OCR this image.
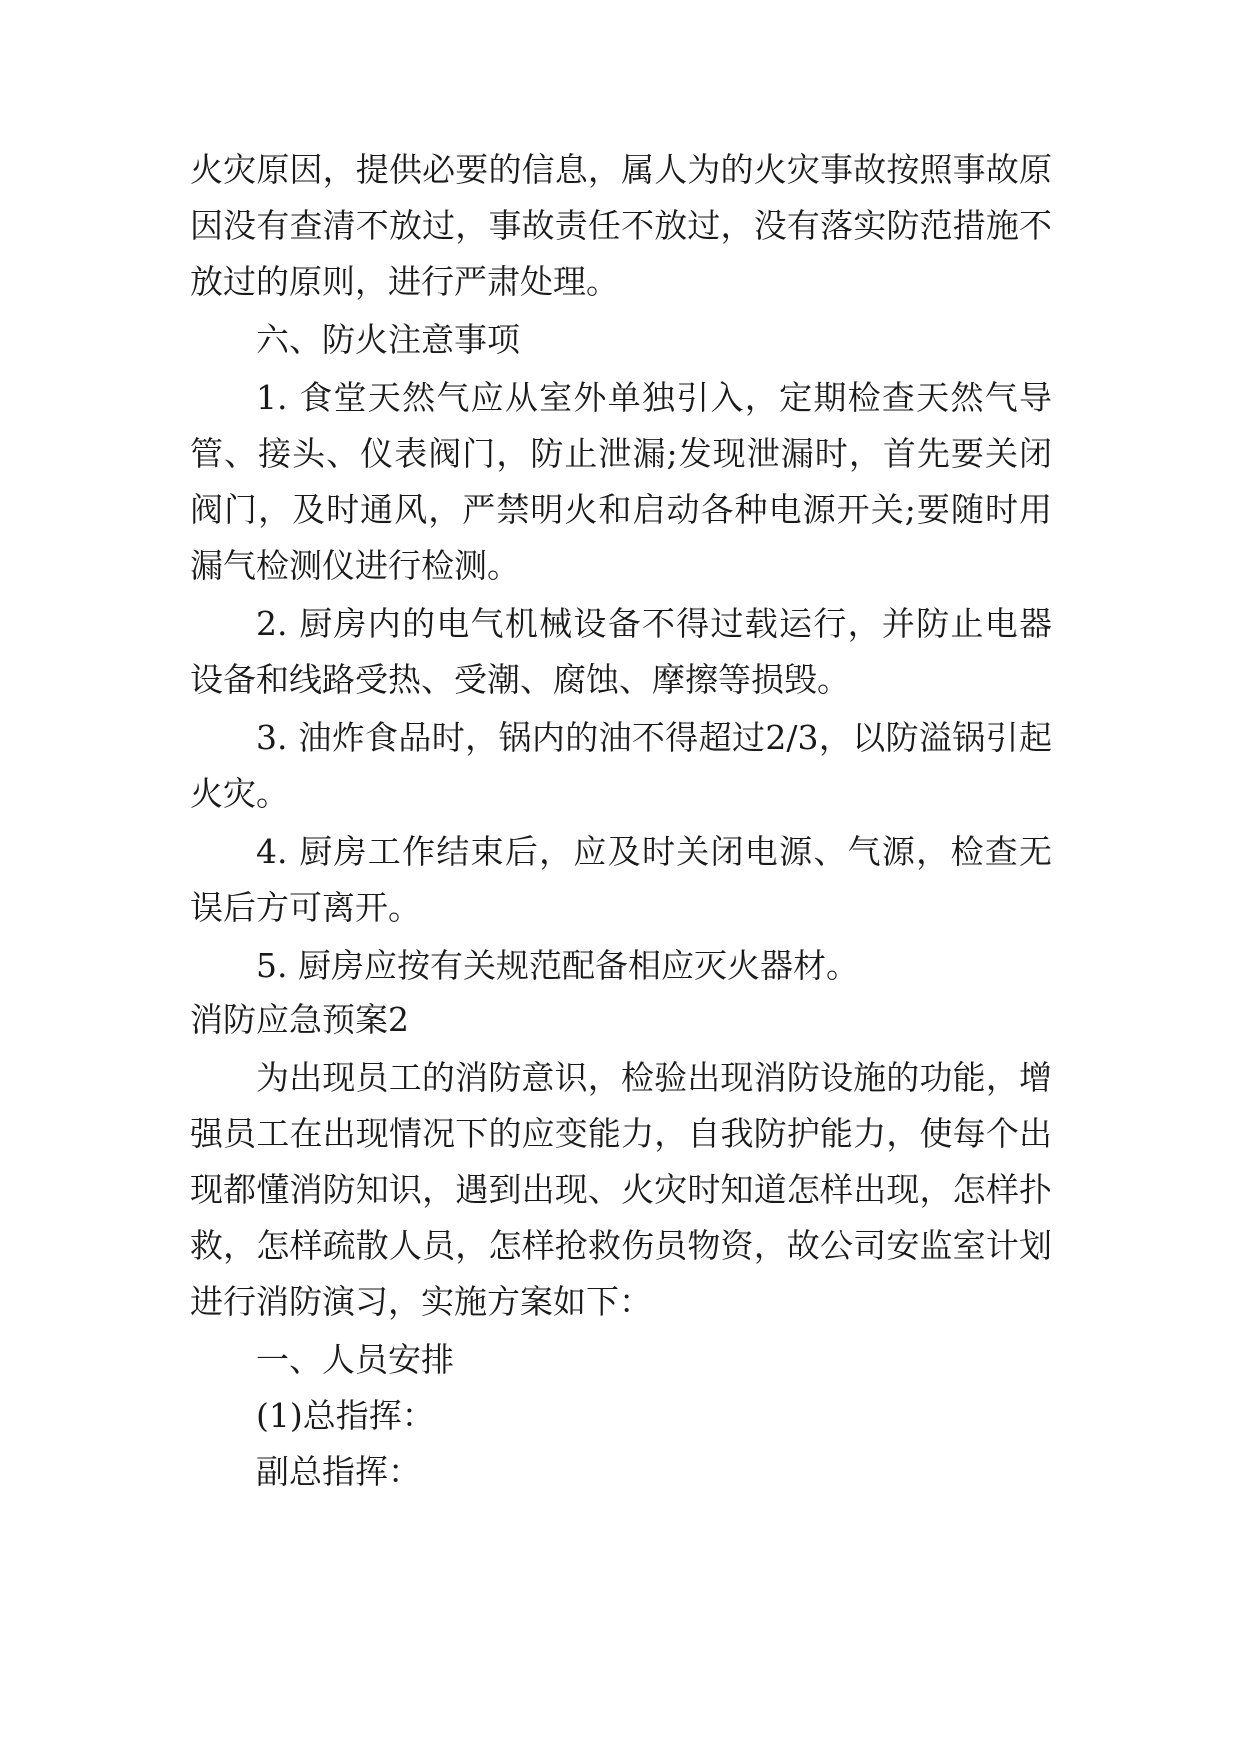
火灾原因，提供必要的信息，属人为的火灾事故按照事故原

因没有查清不放过，事故责任不放过，没有落实防范措施不

放过的原则，进行严肃处理。

六、防火注意事项

1. 食堂天然气应从室外单独引入，定期检查天然气导

管、接头、仪表阀门，防止泄漏;发现泄漏时，首先要关闭

阀门，及时通风，严禁明火和启动各种电源开关;要随时用

漏气检测仪进行检测。

2. 厨房内的电气机械设备不得过载运行，并防止电器

设备和线路受热、受潮、腐蚀、摩擦等损毁。

3. 油炸食品时，锅内的油不得超过2/3，以防溢锅引起

火灾。

4. 厨房工作结束后，应及时关闭电源、气源，检查无

误后方可离开。

5. 厨房应按有关规范配备相应灭火器材。

消防应急预案2

为出现员工的消防意识，检验出现消防设施的功能，增

强员工在出现情况下的应变能力，自我防护能力，使每个出

现都懂消防知识，遇到出现、火灾时知道怎样出现，怎样扑

救，怎样疏散人员，怎样抢救伤员物资，故公司安监室计划

进行消防演习，实施方案如下：

一、人员安排

(1)总指挥：

副总指挥：
